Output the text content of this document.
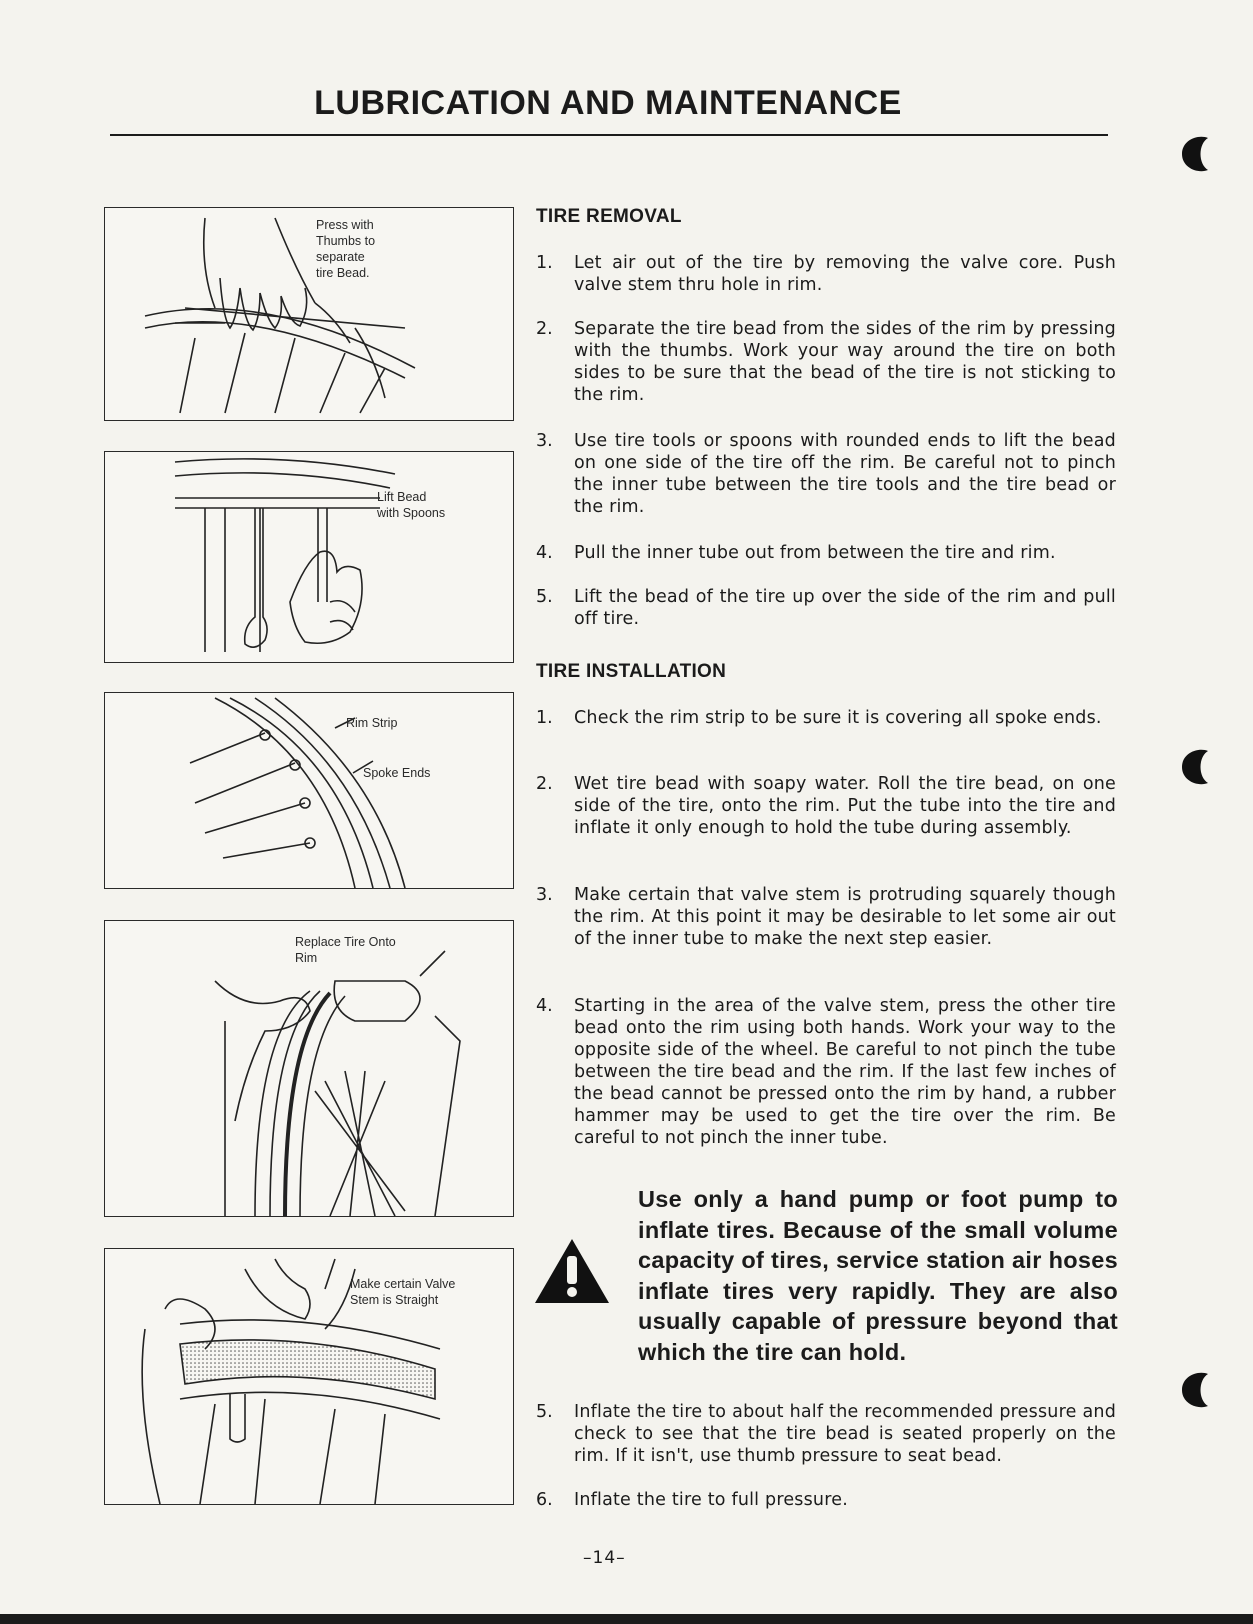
LUBRICATION AND MAINTENANCE
Press with
Thumbs to
separate
tire Bead.
Lift Bead
with Spoons
Rim Strip
Spoke Ends
Replace Tire Onto
Rim
Make certain Valve
Stem is Straight
TIRE REMOVAL
1. Let air out of the tire by removing the valve core. Push valve stem thru hole in rim.
2. Separate the tire bead from the sides of the rim by pressing with the thumbs. Work your way around the tire on both sides to be sure that the bead of the tire is not sticking to the rim.
3. Use tire tools or spoons with rounded ends to lift the bead on one side of the tire off the rim. Be careful not to pinch the inner tube between the tire tools and the tire bead or the rim.
4. Pull the inner tube out from between the tire and rim.
5. Lift the bead of the tire up over the side of the rim and pull off tire.
TIRE INSTALLATION
1. Check the rim strip to be sure it is covering all spoke ends.
2. Wet tire bead with soapy water. Roll the tire bead, on one side of the tire, onto the rim. Put the tube into the tire and inflate it only enough to hold the tube during assembly.
3. Make certain that valve stem is protruding squarely though the rim. At this point it may be desirable to let some air out of the inner tube to make the next step easier.
4. Starting in the area of the valve stem, press the other tire bead onto the rim using both hands. Work your way to the opposite side of the wheel. Be careful to not pinch the tube between the tire bead and the rim. If the last few inches of the bead cannot be pressed onto the rim by hand, a rubber hammer may be used to get the tire over the rim. Be careful to not pinch the inner tube.
Use only a hand pump or foot pump to inflate tires. Because of the small volume capacity of tires, service station air hoses inflate tires very rapidly. They are also usually capable of pressure beyond that which the tire can hold.
5. Inflate the tire to about half the recommended pressure and check to see that the tire bead is seated properly on the rim. If it isn't, use thumb pressure to seat bead.
6. Inflate the tire to full pressure.
–14–
